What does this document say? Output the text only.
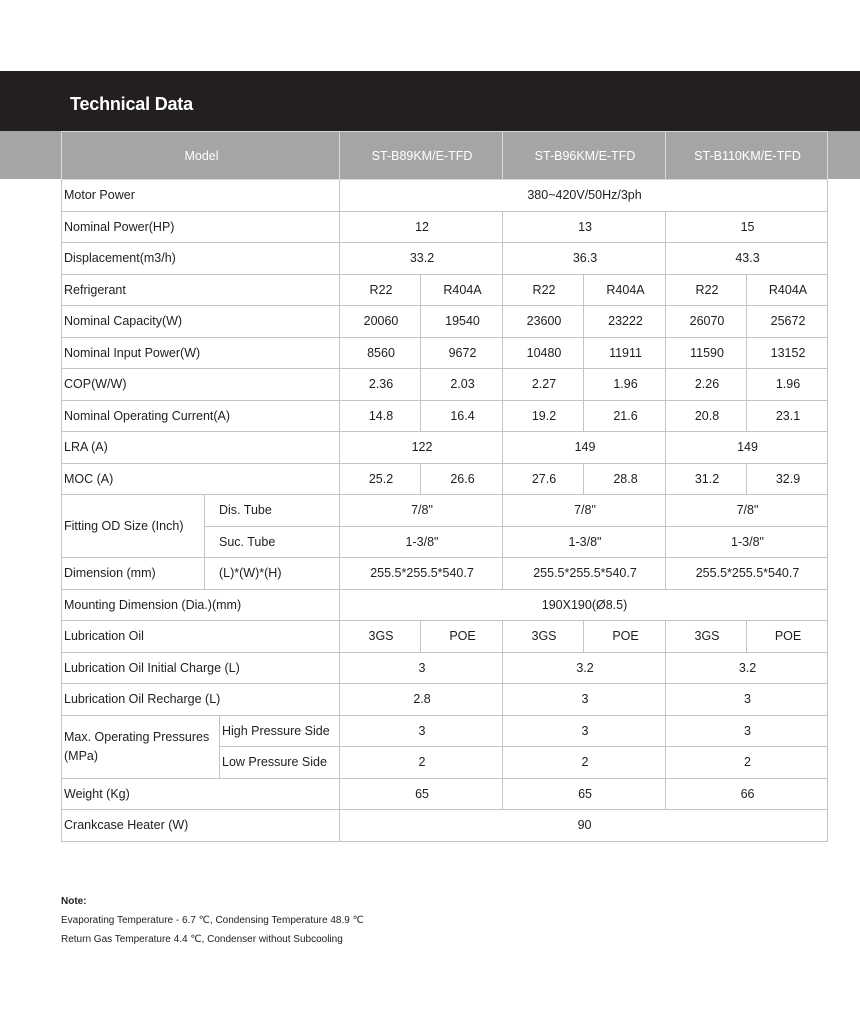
Technical Data
Model			ST-B89KM/E-TFD		ST-B96KM/E-TFD		ST-B110KM/E-TFD	
Motor Power			380~420V/50Hz/3ph					
Nominal Power(HP)			12		13		15	
Displacement(m3/h)			33.2		36.3		43.3	
Refrigerant			R22	R404A	R22	R404A	R22	R404A
Nominal Capacity(W)			20060	19540	23600	23222	26070	25672
Nominal Input Power(W)			8560	9672	10480	11911	11590	13152
COP(W/W)			2.36	2.03	2.27	1.96	2.26	1.96
Nominal Operating Current(A)			14.8	16.4	19.2	21.6	20.8	23.1
LRA (A)			122		149		149	
MOC (A)			25.2	26.6	27.6	28.8	31.2	32.9
Fitting OD Size (Inch)	Dis. Tube		7/8"		7/8"		7/8"	
	Suc. Tube		1-3/8"		1-3/8"		1-3/8"	
Dimension (mm)	(L)*(W)*(H)		255.5*255.5*540.7		255.5*255.5*540.7		255.5*255.5*540.7	
Mounting Dimension (Dia.)(mm)			190X190(Ø8.5)					
Lubrication Oil			3GS	POE	3GS	POE	3GS	POE
Lubrication Oil Initial Charge (L)			3		3.2		3.2	
Lubrication Oil Recharge (L)			2.8		3		3	
Max. Operating Pressures (MPa)		High Pressure Side	3		3		3	
		Low Pressure Side	2		2		2	
Weight (Kg)			65		65		66	
Crankcase Heater (W)			90					
Note:
Evaporating Temperature - 6.7 ℃, Condensing Temperature 48.9 ℃
Return Gas Temperature 4.4 ℃, Condenser without Subcooling
